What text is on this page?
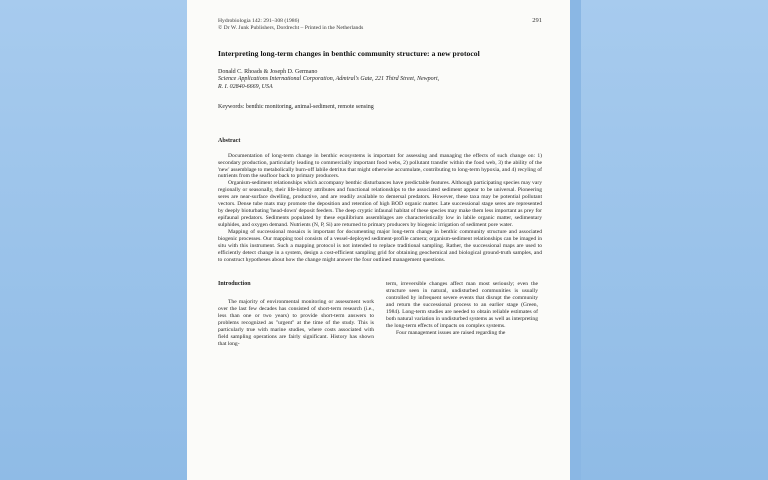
Hydrobiologia 142: 291–308 (1986)
© Dr W. Junk Publishers, Dordrecht – Printed in the Netherlands
291
Interpreting long-term changes in benthic community structure: a new protocol
Donald C. Rhoads & Joseph D. Germano
Science Applications International Corporation, Admiral's Gate, 221 Third Street, Newport,
R. I. 02840-6669, USA
Keywords: benthic monitoring, animal-sediment, remote sensing
Abstract

Documentation of long-term change in benthic ecosystems is important for assessing and managing the effects of such change on: 1) secondary production, particularly leading to commercially important food webs, 2) pollutant transfer within the food web, 3) the ability of the 'new' assemblage to metabolically burn-off labile detritus that might otherwise accumulate, contributing to long-term hypoxia, and 4) recyling of nutrients from the seafloor back to primary producers.

Organism-sediment relationships which accompany benthic disturbances have predictable features. Although participating species may vary regionally or seasonally, their life-history attributes and functional relationships to the associated sediment appear to be universal. Pioneering seres are near-surface dwelling, productive, and are readily available to demersal predators. However, these taxa may be potential pollutant vectors. Dense tube mats may promote the deposition and retention of high BOD organic matter. Late successional stage seres are represented by deeply bioturbating 'head-down' deposit feeders. The deep cryptic infaunal habitat of these species may make them less important as prey for epifaunal predators. Sediments populated by these equilibrium assemblages are characteristically low in labile organic matter, sedimentary sulphides, and oxygen demand. Nutrients (N, P, Si) are returned to primary producers by biogenic irrigation of sediment pore water.

Mapping of successional mosaics is important for documenting major long-term change in benthic community structure and associated biogenic processes. Our mapping tool consists of a vessel-deployed sediment-profile camera; organism-sediment relationships can be imaged in situ with this instrument. Such a mapping protocol is not intended to replace traditional sampling. Rather, the successional maps are used to efficiently detect change in a system, design a cost-efficient sampling grid for obtaining geochemical and biological ground-truth samples, and to construct hypotheses about how the change might answer the four outlined management questions.

Introduction

The majority of environmental monitoring or assessment work over the last few decades has consisted of short-term research (i.e., less than one or two years) to provide short-term answers to problems recognized as "urgent" at the time of the study. This is particularly true with marine studies, where costs associated with field sampling operations are fairly significant. History has shown that long-

term, irreversible changes affect man most seriously; even the structure seen in natural, undisturbed communities is usually controlled by infrequent severe events that disrupt the community and return the successional process to an earlier stage (Green, 1984). Long-term studies are needed to obtain reliable estimates of both natural variation in undisturbed systems as well as interpreting the long-term effects of impacts on complex systems.

Four management issues are raised regarding the
